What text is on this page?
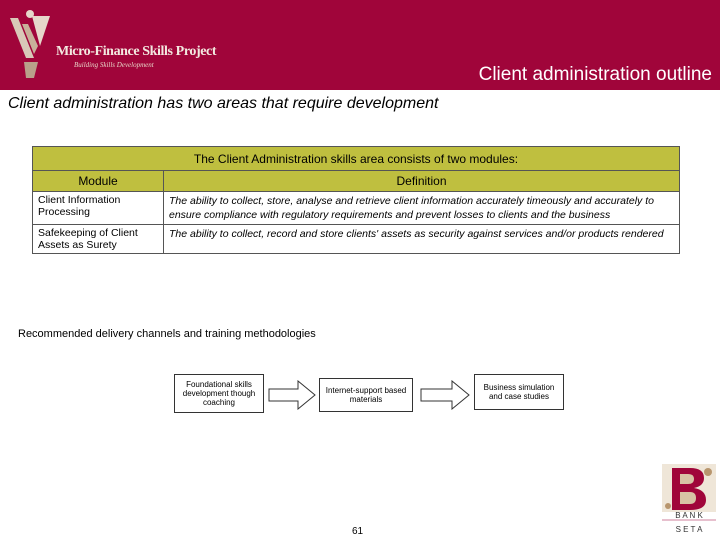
Micro-Finance Skills Project
Building Skills Development	Client administration outline
Client administration has two areas that require development
The Client Administration skills area consists of two modules:	
Module	Definition
Client Information Processing	The ability to collect, store, analyse and retrieve client information accurately timeously and accurately to ensure compliance with regulatory requirements and prevent losses to clients and the business
Safekeeping of Client Assets as Surety	The ability to collect, record and store clients' assets as security against services and/or products rendered
Recommended delivery channels and training methodologies
Foundational skills development though coaching
Internet-support based materials
Business simulation and case studies
61
B A N K
S E T A
